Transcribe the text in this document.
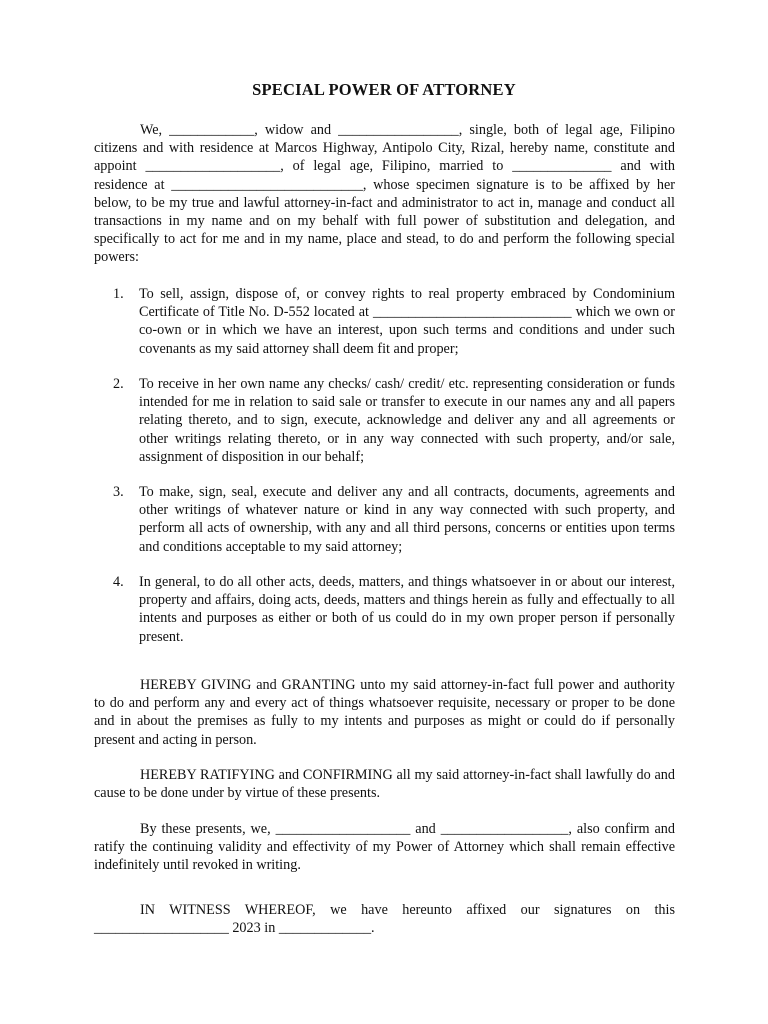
SPECIAL POWER OF ATTORNEY

We, ____________, widow and _________________, single, both of legal age, Filipino citizens and with residence at Marcos Highway, Antipolo City, Rizal, hereby name, constitute and appoint ___________________, of legal age, Filipino, married to ______________ and with residence at ___________________________, whose specimen signature is to be affixed by her below, to be my true and lawful attorney-in-fact and administrator to act in, manage and conduct all transactions in my name and on my behalf with full power of substitution and delegation, and specifically to act for me and in my name, place and stead, to do and perform the following special powers:

1.	To sell, assign, dispose of, or convey rights to real property embraced by Condominium Certificate of Title No. D-552 located at ____________________________ which we own or co-own or in which we have an interest, upon such terms and conditions and under such covenants as my said attorney shall deem fit and proper;
2.	To receive in her own name any checks/ cash/ credit/ etc. representing consideration or funds intended for me in relation to said sale or transfer to execute in our names any and all papers relating thereto, and to sign, execute, acknowledge and deliver any and all agreements or other writings relating thereto, or in any way connected with such property, and/or sale, assignment of disposition in our behalf;
3.	To make, sign, seal, execute and deliver any and all contracts, documents, agreements and other writings of whatever nature or kind in any way connected with such property, and perform all acts of ownership, with any and all third persons, concerns or entities upon terms and conditions acceptable to my said attorney;
4.	In general, to do all other acts, deeds, matters, and things whatsoever in or about our interest, property and affairs, doing acts, deeds, matters and things herein as fully and effectually to all intents and purposes as either or both of us could do in my own proper person if personally present.

HEREBY GIVING and GRANTING unto my said attorney-in-fact full power and authority to do and perform any and every act of things whatsoever requisite, necessary or proper to be done and in about the premises as fully to my intents and purposes as might or could do if personally present and acting in person.

HEREBY RATIFYING and CONFIRMING all my said attorney-in-fact shall lawfully do and cause to be done under by virtue of these presents.

By these presents, we, ___________________ and __________________, also confirm and ratify the continuing validity and effectivity of my Power of Attorney which shall remain effective indefinitely until revoked in writing.

IN WITNESS WHEREOF, we have hereunto affixed our signatures on this ___________________ 2023 in _____________.
